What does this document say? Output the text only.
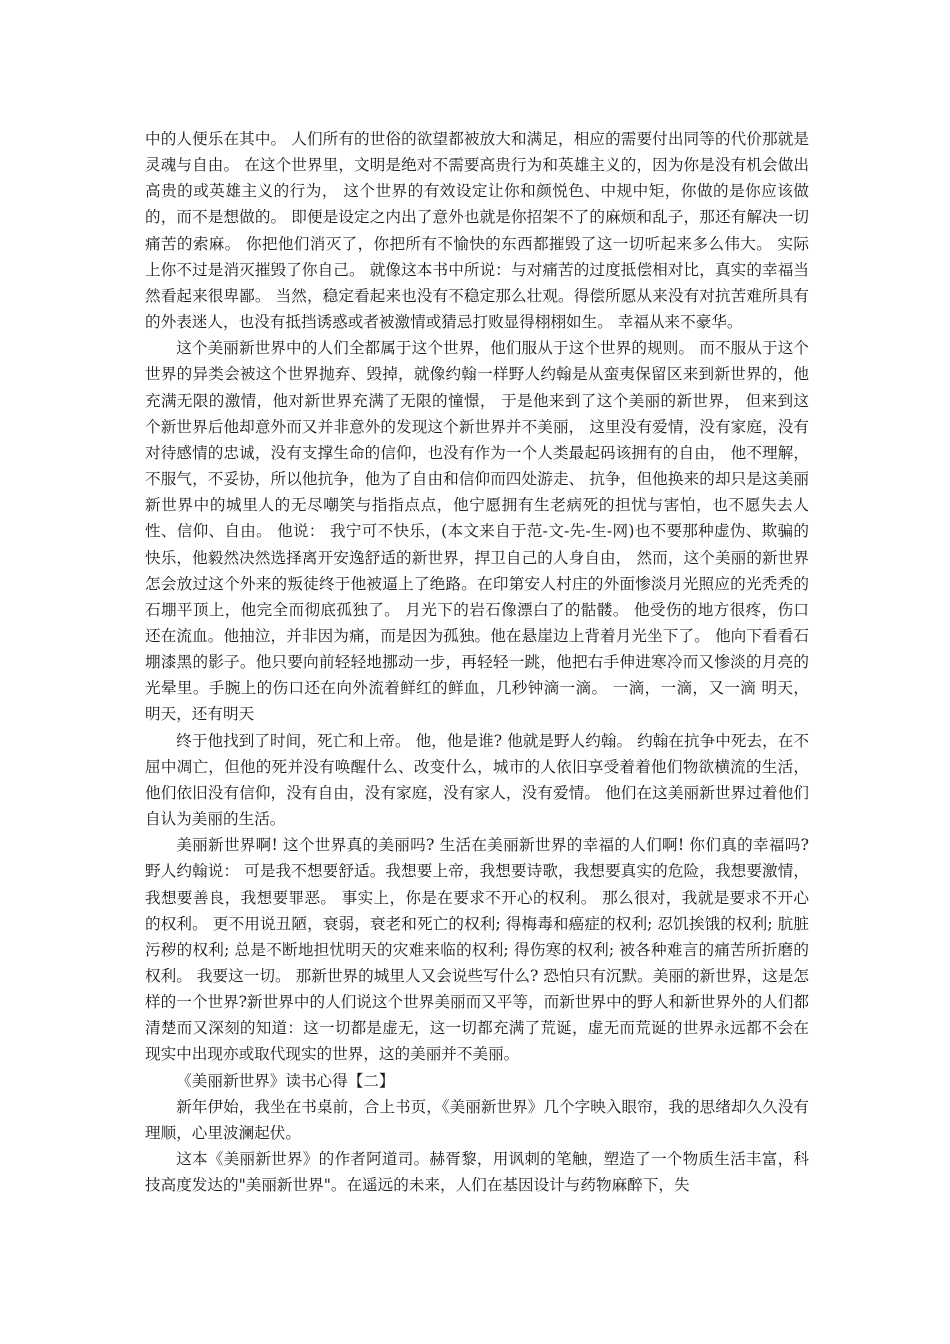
中的人便乐在其中。 人们所有的世俗的欲望都被放大和满足，相应的需要付出同等的代价那就是灵魂与自由。 在这个世界里，文明是绝对不需要高贵行为和英雄主义的，因为你是没有机会做出高贵的或英雄主义的行为， 这个世界的有效设定让你和颜悦色、中规中矩，你做的是你应该做的，而不是想做的。 即便是设定之内出了意外也就是你招架不了的麻烦和乱子，那还有解决一切痛苦的索麻。 你把他们消灭了，你把所有不愉快的东西都摧毁了这一切听起来多么伟大。 实际上你不过是消灭摧毁了你自己。 就像这本书中所说：与对痛苦的过度抵偿相对比，真实的幸福当然看起来很卑鄙。 当然，稳定看起来也没有不稳定那么壮观。得偿所愿从来没有对抗苦难所具有的外表迷人，也没有抵挡诱惑或者被激情或猜忌打败显得栩栩如生。 幸福从来不豪华。

这个美丽新世界中的人们全都属于这个世界，他们服从于这个世界的规则。 而不服从于这个世界的异类会被这个世界抛弃、毁掉，就像约翰一样野人约翰是从蛮夷保留区来到新世界的，他充满无限的激情，他对新世界充满了无限的憧憬， 于是他来到了这个美丽的新世界， 但来到这个新世界后他却意外而又并非意外的发现这个新世界并不美丽， 这里没有爱情，没有家庭，没有对待感情的忠诚，没有支撑生命的信仰，也没有作为一个人类最起码该拥有的自由， 他不理解，不服气，不妥协，所以他抗争，他为了自由和信仰而四处游走、 抗争，但他换来的却只是这美丽新世界中的城里人的无尽嘲笑与指指点点，他宁愿拥有生老病死的担忧与害怕，也不愿失去人性、信仰、自由。 他说： 我宁可不快乐，(本文来自于范-文-先-生-网)也不要那种虚伪、欺骗的快乐，他毅然决然选择离开安逸舒适的新世界，捍卫自己的人身自由， 然而，这个美丽的新世界怎会放过这个外来的叛徒终于他被逼上了绝路。在印第安人村庄的外面惨淡月光照应的光秃秃的石堋平顶上，他完全而彻底孤独了。 月光下的岩石像漂白了的骷髅。 他受伤的地方很疼，伤口还在流血。他抽泣，并非因为痛，而是因为孤独。他在悬崖边上背着月光坐下了。 他向下看看石堋漆黑的影子。他只要向前轻轻地挪动一步，再轻轻一跳，他把右手伸进寒冷而又惨淡的月亮的光晕里。手腕上的伤口还在向外流着鲜红的鲜血，几秒钟滴一滴。 一滴，一滴，又一滴 明天，明天，还有明天

终于他找到了时间，死亡和上帝。 他，他是谁? 他就是野人约翰。 约翰在抗争中死去，在不屈中凋亡，但他的死并没有唤醒什么、改变什么，城市的人依旧享受着着他们物欲横流的生活，他们依旧没有信仰，没有自由，没有家庭，没有家人，没有爱情。 他们在这美丽新世界过着他们自认为美丽的生活。

美丽新世界啊! 这个世界真的美丽吗? 生活在美丽新世界的幸福的人们啊! 你们真的幸福吗? 野人约翰说： 可是我不想要舒适。我想要上帝，我想要诗歌，我想要真实的危险，我想要激情，我想要善良，我想要罪恶。 事实上，你是在要求不开心的权利。 那么很对，我就是要求不开心的权利。 更不用说丑陋，衰弱，衰老和死亡的权利; 得梅毒和癌症的权利; 忍饥挨饿的权利; 肮脏污秽的权利; 总是不断地担忧明天的灾难来临的权利; 得伤寒的权利; 被各种难言的痛苦所折磨的权利。 我要这一切。 那新世界的城里人又会说些写什么? 恐怕只有沉默。美丽的新世界，这是怎样的一个世界?新世界中的人们说这个世界美丽而又平等，而新世界中的野人和新世界外的人们都清楚而又深刻的知道：这一切都是虚无，这一切都充满了荒诞，虚无而荒诞的世界永远都不会在现实中出现亦或取代现实的世界，这的美丽并不美丽。

《美丽新世界》读书心得【二】

新年伊始，我坐在书桌前，合上书页，《美丽新世界》几个字映入眼帘，我的思绪却久久没有理顺，心里波澜起伏。

这本《美丽新世界》的作者阿道司。赫胥黎，用讽刺的笔触，塑造了一个物质生活丰富，科技高度发达的"美丽新世界"。在遥远的未来，人们在基因设计与药物麻醉下，失
